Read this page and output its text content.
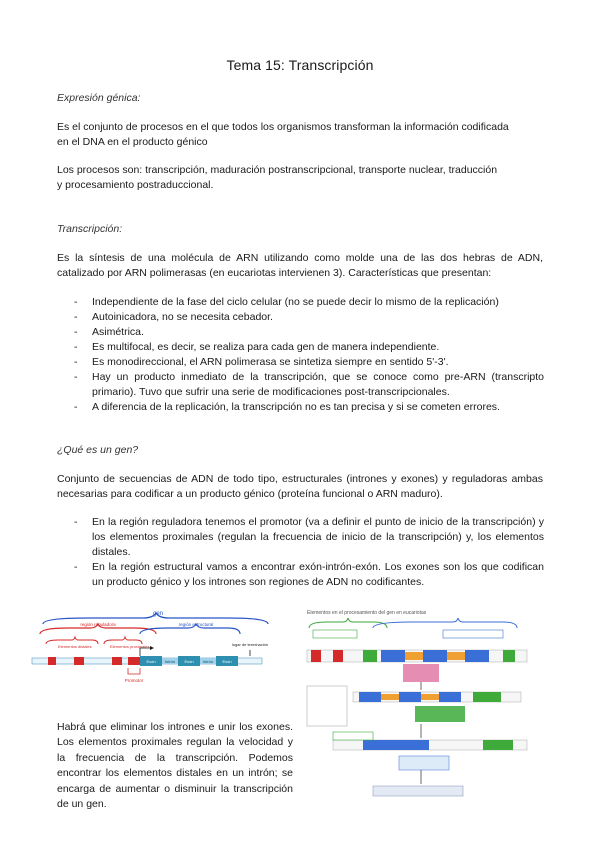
Tema 15: Transcripción
Expresión génica:
Es el conjunto de procesos en el que todos los organismos transforman la información codificada
en el DNA en el producto génico
Los procesos son: transcripción, maduración postranscripcional, transporte nuclear, traducción
y procesamiento postraduccional.
Transcripción:
Es la síntesis de una molécula de ARN utilizando como molde una de las dos hebras de ADN,
catalizado por ARN polimerasas (en eucariotas intervienen 3). Características que presentan:
- Independiente de la fase del ciclo celular (no se puede decir lo mismo de la replicación)
- Autoinicadora, no se necesita cebador.
- Asimétrica.
- Es multifocal, es decir, se realiza para cada gen de manera independiente.
- Es monodireccional, el ARN polimerasa se sintetiza siempre en sentido 5'-3'.
- Hay un producto inmediato de la transcripción, que se conoce como pre-ARN (transcripto primario). Tuvo que sufrir una serie de modificaciones post-transcripcionales.
- A diferencia de la replicación, la transcripción no es tan precisa y si se cometen errores.
¿Qué es un gen?
Conjunto de secuencias de ADN de todo tipo, estructurales (intrones y exones) y reguladoras ambas necesarias para codificar a un producto génico (proteína funcional o ARN maduro).
- En la región reguladora tenemos el promotor (va a definir el punto de inicio de la transcripción) y los elementos proximales (regulan la frecuencia de inicio de la transcripción) y, los elementos distales.
- En la región estructural vamos a encontrar exón-intrón-exón. Los exones son los que codifican un producto génico y los intrones son regiones de ADN no codificantes.
gen
región reguladora	región estructural
Elementos distales	Elementos proximales
Exón Intrón Exón Intrón Exón
lugar de terminación
Promotor
Habrá que eliminar los intrones e unir los exones. Los elementos proximales regulan la velocidad y la frecuencia de la transcripción. Podemos encontrar los elementos distales en un intrón; se encarga de aumentar o disminuir la transcripción de un gen.
Elementos en el procesamiento del gen en eucariotas
